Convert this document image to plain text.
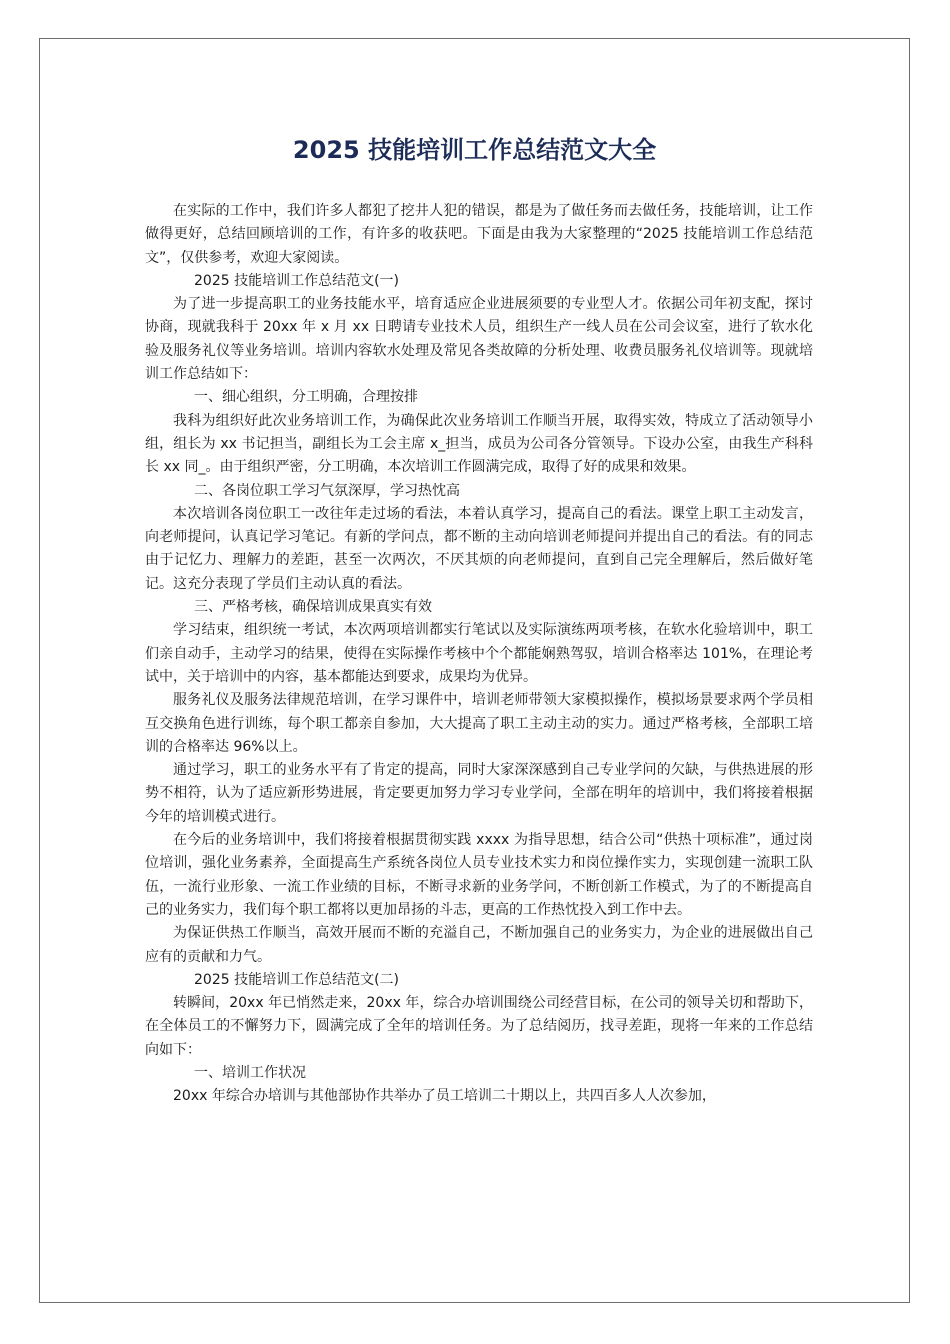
2025 技能培训工作总结范文大全

在实际的工作中，我们许多人都犯了挖井人犯的错误，都是为了做任务而去做任务，技能培训，让工作做得更好，总结回顾培训的工作，有许多的收获吧。下面是由我为大家整理的“2025 技能培训工作总结范文”，仅供参考，欢迎大家阅读。

2025 技能培训工作总结范文(一)

为了进一步提高职工的业务技能水平，培育适应企业进展须要的专业型人才。依据公司年初支配，探讨协商，现就我科于 20xx 年 x 月 xx 日聘请专业技术人员，组织生产一线人员在公司会议室，进行了软水化验及服务礼仪等业务培训。培训内容软水处理及常见各类故障的分析处理、收费员服务礼仪培训等。现就培训工作总结如下：

一、细心组织，分工明确，合理按排

我科为组织好此次业务培训工作，为确保此次业务培训工作顺当开展，取得实效，特成立了活动领导小组，组长为 xx 书记担当，副组长为工会主席 x_担当，成员为公司各分管领导。下设办公室，由我生产科科长 xx 同_。由于组织严密，分工明确，本次培训工作圆满完成，取得了好的成果和效果。

二、各岗位职工学习气氛深厚，学习热忱高

本次培训各岗位职工一改往年走过场的看法，本着认真学习，提高自己的看法。课堂上职工主动发言，向老师提问，认真记学习笔记。有新的学问点，都不断的主动向培训老师提问并提出自己的看法。有的同志由于记忆力、理解力的差距，甚至一次两次，不厌其烦的向老师提问，直到自己完全理解后，然后做好笔记。这充分表现了学员们主动认真的看法。

三、严格考核，确保培训成果真实有效

学习结束，组织统一考试，本次两项培训都实行笔试以及实际演练两项考核，在软水化验培训中，职工们亲自动手，主动学习的结果，使得在实际操作考核中个个都能娴熟驾驭，培训合格率达 101%，在理论考试中，关于培训中的内容，基本都能达到要求，成果均为优异。

服务礼仪及服务法律规范培训，在学习课件中，培训老师带领大家模拟操作，模拟场景要求两个学员相互交换角色进行训练，每个职工都亲自参加，大大提高了职工主动主动的实力。通过严格考核，全部职工培训的合格率达 96%以上。

通过学习，职工的业务水平有了肯定的提高，同时大家深深感到自己专业学问的欠缺，与供热进展的形势不相符，认为了适应新形势进展，肯定要更加努力学习专业学问，全部在明年的培训中，我们将接着根据今年的培训模式进行。

在今后的业务培训中，我们将接着根据贯彻实践 xxxx 为指导思想，结合公司“供热十项标准”，通过岗位培训，强化业务素养，全面提高生产系统各岗位人员专业技术实力和岗位操作实力，实现创建一流职工队伍，一流行业形象、一流工作业绩的目标，不断寻求新的业务学问，不断创新工作模式，为了的不断提高自己的业务实力，我们每个职工都将以更加昂扬的斗志，更高的工作热忱投入到工作中去。

为保证供热工作顺当，高效开展而不断的充溢自己，不断加强自己的业务实力，为企业的进展做出自己应有的贡献和力气。

2025 技能培训工作总结范文(二)

转瞬间，20xx 年已悄然走来，20xx 年，综合办培训围绕公司经营目标，在公司的领导关切和帮助下，在全体员工的不懈努力下，圆满完成了全年的培训任务。为了总结阅历，找寻差距，现将一年来的工作总结向如下：

一、培训工作状况

20xx 年综合办培训与其他部协作共举办了员工培训二十期以上，共四百多人人次参加，
